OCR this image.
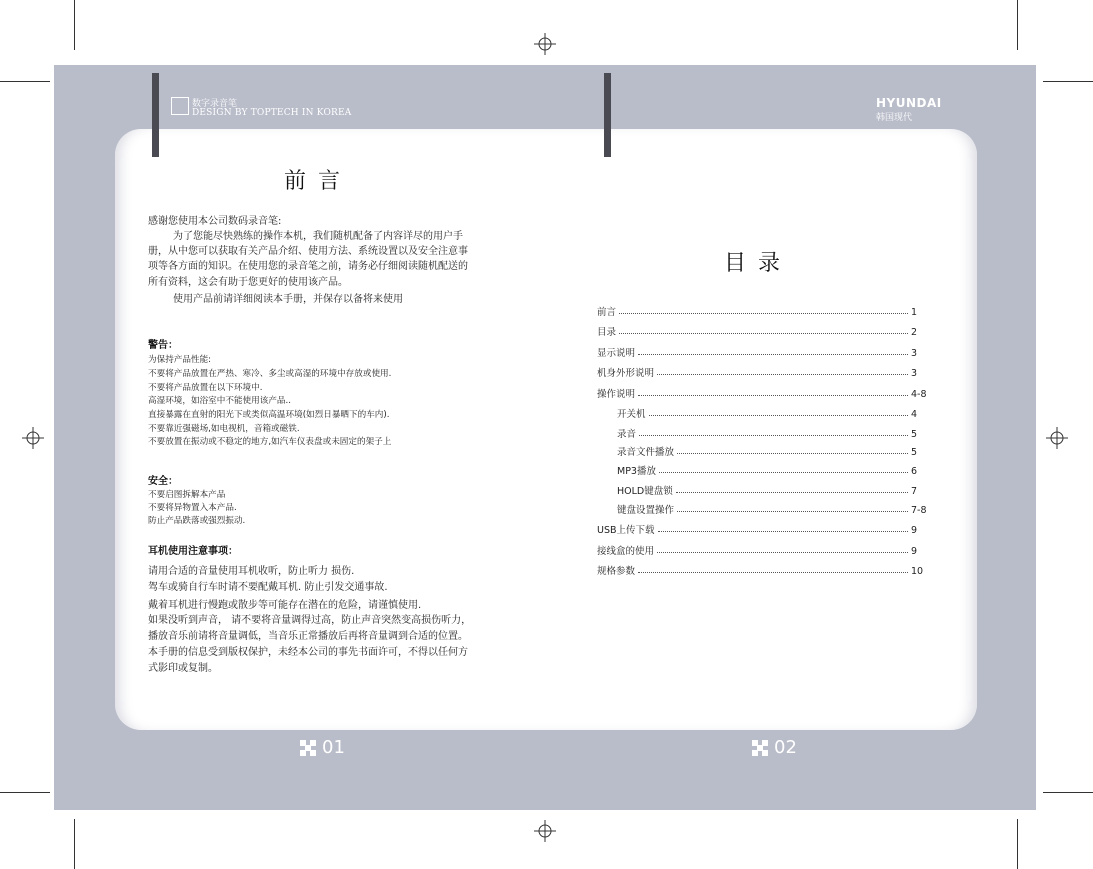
数字录音笔
DESIGN BY TOPTECH IN KOREA
HYUNDAI
韩国现代
前言
感谢您使用本公司数码录音笔:
为了您能尽快熟练的操作本机，我们随机配备了内容详尽的用户手
册，从中您可以获取有关产品介绍、使用方法、系统设置以及安全注意事
项等各方面的知识。在使用您的录音笔之前，请务必仔细阅读随机配送的
所有资料，这会有助于您更好的使用该产品。
使用产品前请详细阅读本手册，并保存以备将来使用
警告：
为保持产品性能:
不要将产品放置在严热、寒冷、多尘或高湿的环境中存放或使用.
不要将产品放置在以下环境中.
高湿环境，如浴室中不能使用该产品..
直接暴露在直射的阳光下或类似高温环境(如烈日暴晒下的车内).
不要靠近强磁场,如电视机，音箱或磁铁.
不要放置在振动或不稳定的地方,如汽车仪表盘或未固定的架子上
安全：
不要启图拆解本产品
不要将异物置入本产品.
防止产品跌落或强烈振动.
耳机使用注意事项：
请用合适的音量使用耳机收听，防止听力 损伤.
驾车或骑自行车时请不要配戴耳机. 防止引发交通事故.
戴着耳机进行慢跑或散步等可能存在潜在的危险，请谨慎使用.
如果没听到声音， 请不要将音量调得过高，防止声音突然变高损伤听力，
播放音乐前请将音量调低，当音乐正常播放后再将音量调到合适的位置。
本手册的信息受到版权保护，未经本公司的事先书面许可，不得以任何方
式影印或复制。
目录
前言	1
目录	2
显示说明	3
机身外形说明	3
操作说明	4-8
开关机	4
录音	5
录音文件播放	5
MP3播放	6
HOLD键盘锁	7
键盘设置操作	7-8
USB上传下载	9
接线盒的使用	9
规格参数	10
01	02
